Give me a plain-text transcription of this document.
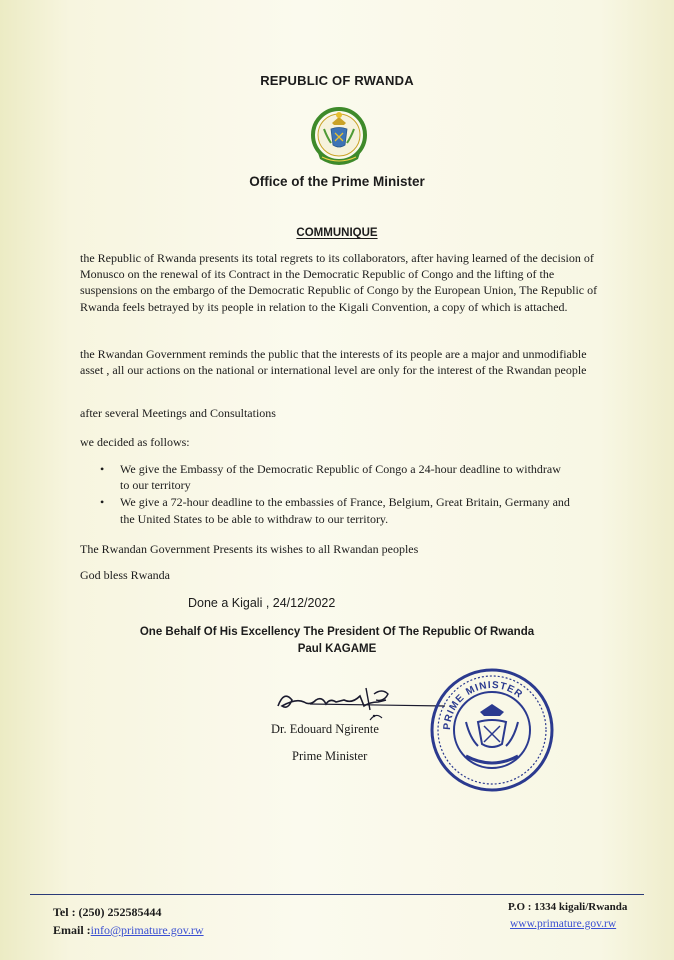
REPUBLIC OF RWANDA
Office of the Prime Minister
COMMUNIQUE

the Republic of Rwanda presents its total regrets to its collaborators, after having learned of the decision of Monusco on the renewal of its Contract in the Democratic Republic of Congo and the lifting of the suspensions on the embargo of the Democratic Republic of Congo by the European Union, The Republic of Rwanda feels betrayed by its people in relation to the Kigali Convention, a copy of which is attached.

the Rwandan Government reminds the public that the interests of its people are a major and unmodifiable asset , all our actions on the national or international level are only for the interest of the Rwandan people

after several Meetings and Consultations

we decided as follows:

• We give the Embassy of the Democratic Republic of Congo a 24-hour deadline to withdraw to our territory
• We give a 72-hour deadline to the embassies of France, Belgium, Great Britain, Germany and the United States to be able to withdraw to our territory.

The Rwandan Government Presents its wishes to all Rwandan peoples

God bless Rwanda

Done a Kigali , 24/12/2022
One Behalf Of His Excellency The President Of The Republic Of Rwanda
Paul KAGAME
Dr. Edouard Ngirente
Prime Minister
PRIME MINISTER
Tel : (250) 252585444
Email :info@primature.gov.rw
P.O : 1334 kigali/Rwanda
www.primature.gov.rw
